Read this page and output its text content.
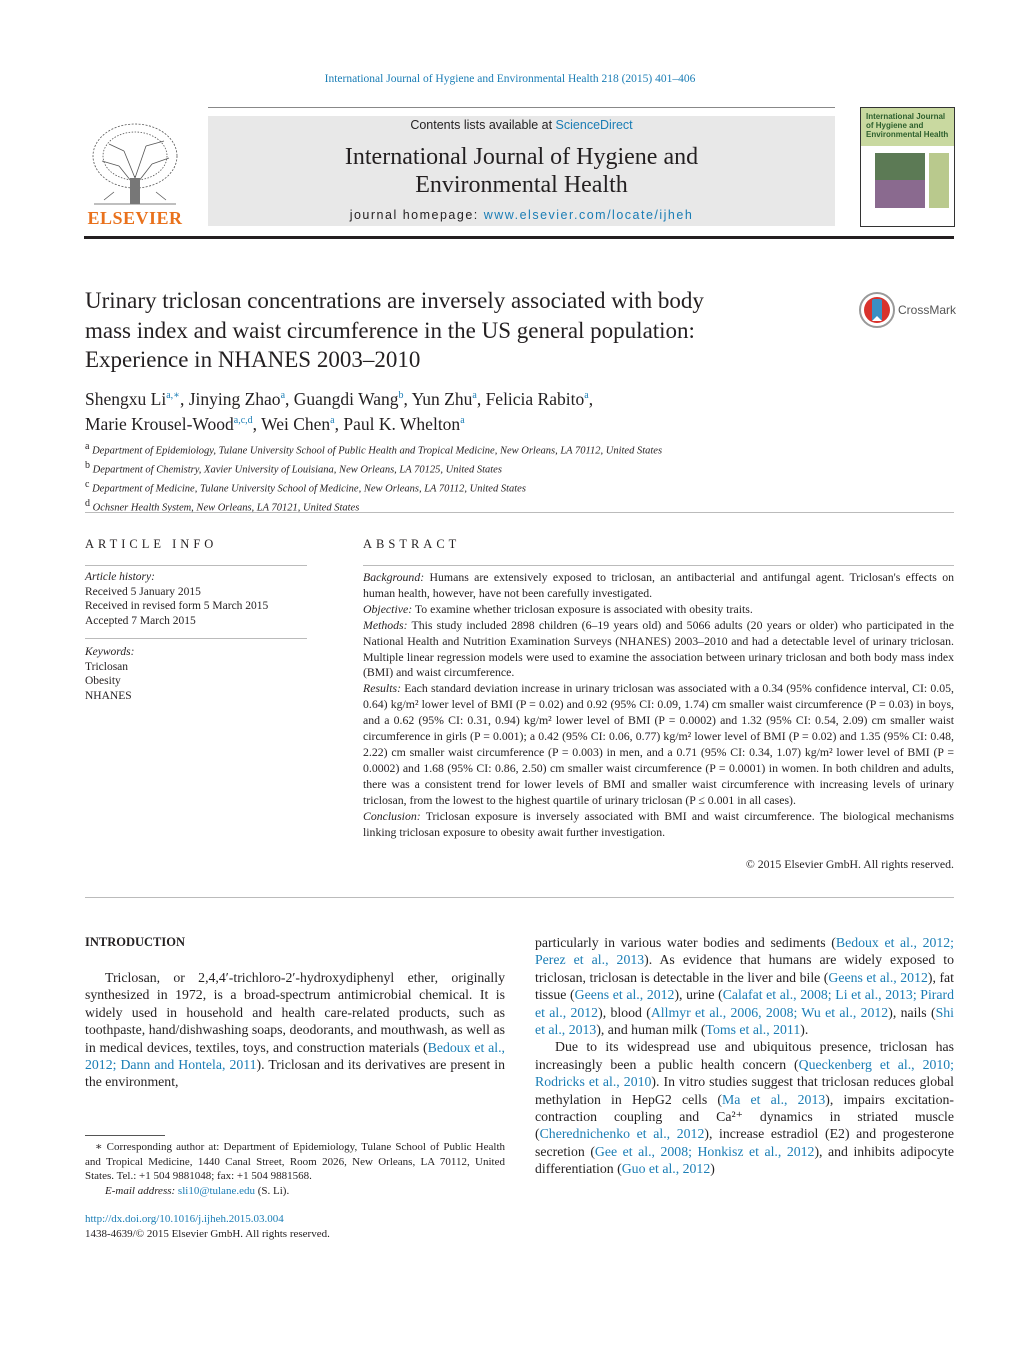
International Journal of Hygiene and Environmental Health 218 (2015) 401–406
ELSEVIER
Contents lists available at ScienceDirect
International Journal of Hygiene and
Environmental Health
journal homepage: www.elsevier.com/locate/ijheh
International Journal of Hygiene and Environmental Health
Urinary triclosan concentrations are inversely associated with body
mass index and waist circumference in the US general population:
Experience in NHANES 2003–2010
CrossMark
Shengxu $Li^{a,∗}$, Jinying Zhao$^a$, Guangdi Wang$^b$, Yun Zhu$^a$, Felicia Rabito$^a$,
Marie Krousel-Wood$^{a,c,d}$, Wei Chen$^a$, Paul K. Whelton$^a$
$^a$ Department of Epidemiology, Tulane University School of Public Health and Tropical Medicine, New Orleans, LA 70112, United States
$^b$ Department of Chemistry, Xavier University of Louisiana, New Orleans, LA 70125, United States
$^c$ Department of Medicine, Tulane University School of Medicine, New Orleans, LA 70112, United States
$^d$ Ochsner Health System, New Orleans, LA 70121, United States
ARTICLE INFO
Article history:
Received 5 January 2015
Received in revised form 5 March 2015
Accepted 7 March 2015
Keywords:
Triclosan
Obesity
NHANES
ABSTRACT

Background: Humans are extensively exposed to triclosan, an antibacterial and antifungal agent. Triclosan's effects on human health, however, have not been carefully investigated.

Objective: To examine whether triclosan exposure is associated with obesity traits.

Methods: This study included 2898 children (6–19 years old) and 5066 adults (20 years or older) who participated in the National Health and Nutrition Examination Surveys (NHANES) 2003–2010 and had a detectable level of urinary triclosan. Multiple linear regression models were used to examine the association between urinary triclosan and both body mass index (BMI) and waist circumference.

Results: Each standard deviation increase in urinary triclosan was associated with a 0.34 (95% confidence interval, CI: 0.05, 0.64) kg/m² lower level of BMI (P = 0.02) and 0.92 (95% CI: 0.09, 1.74) cm smaller waist circumference (P = 0.03) in boys, and a 0.62 (95% CI: 0.31, 0.94) kg/m² lower level of BMI (P = 0.0002) and 1.32 (95% CI: 0.54, 2.09) cm smaller waist circumference in girls (P = 0.001); a 0.42 (95% CI: 0.06, 0.77) kg/m² lower level of BMI (P = 0.02) and 1.35 (95% CI: 0.48, 2.22) cm smaller waist circumference (P = 0.003) in men, and a 0.71 (95% CI: 0.34, 1.07) kg/m² lower level of BMI (P = 0.0002) and 1.68 (95% CI: 0.86, 2.50) cm smaller waist circumference (P = 0.0001) in women. In both children and adults, there was a consistent trend for lower levels of BMI and smaller waist circumference with increasing levels of urinary triclosan, from the lowest to the highest quartile of urinary triclosan (P ≤ 0.001 in all cases).

Conclusion: Triclosan exposure is inversely associated with BMI and waist circumference. The biological mechanisms linking triclosan exposure to obesity await further investigation.

© 2015 Elsevier GmbH. All rights reserved.
INTRODUCTION

Triclosan, or 2,4,4′-trichloro-2′-hydroxydiphenyl ether, originally synthesized in 1972, is a broad-spectrum antimicrobial chemical. It is widely used in household and health care-related products, such as toothpaste, hand/dishwashing soaps, deodorants, and mouthwash, as well as in medical devices, textiles, toys, and construction materials (Bedoux et al., 2012; Dann and Hontela, 2011). Triclosan and its derivatives are present in the environment,

particularly in various water bodies and sediments (Bedoux et al., 2012; Perez et al., 2013). As evidence that humans are widely exposed to triclosan, triclosan is detectable in the liver and bile (Geens et al., 2012), fat tissue (Geens et al., 2012), urine (Calafat et al., 2008; Li et al., 2013; Pirard et al., 2012), blood (Allmyr et al., 2006, 2008; Wu et al., 2012), nails (Shi et al., 2013), and human milk (Toms et al., 2011).

Due to its widespread use and ubiquitous presence, triclosan has increasingly been a public health concern (Queckenberg et al., 2010; Rodricks et al., 2010). In vitro studies suggest that triclosan reduces global methylation in HepG2 cells (Ma et al., 2013), impairs excitation-contraction coupling and Ca²⁺ dynamics in striated muscle (Cherednichenko et al., 2012), increase estradiol (E2) and progesterone secretion (Gee et al., 2008; Honkisz et al., 2012), and inhibits adipocyte differentiation (Guo et al., 2012)

∗ Corresponding author at: Department of Epidemiology, Tulane School of Public Health and Tropical Medicine, 1440 Canal Street, Room 2026, New Orleans, LA 70112, United States. Tel.: +1 504 9881048; fax: +1 504 9881568.
E-mail address: sli10@tulane.edu (S. Li).
http://dx.doi.org/10.1016/j.ijheh.2015.03.004
1438-4639/© 2015 Elsevier GmbH. All rights reserved.
